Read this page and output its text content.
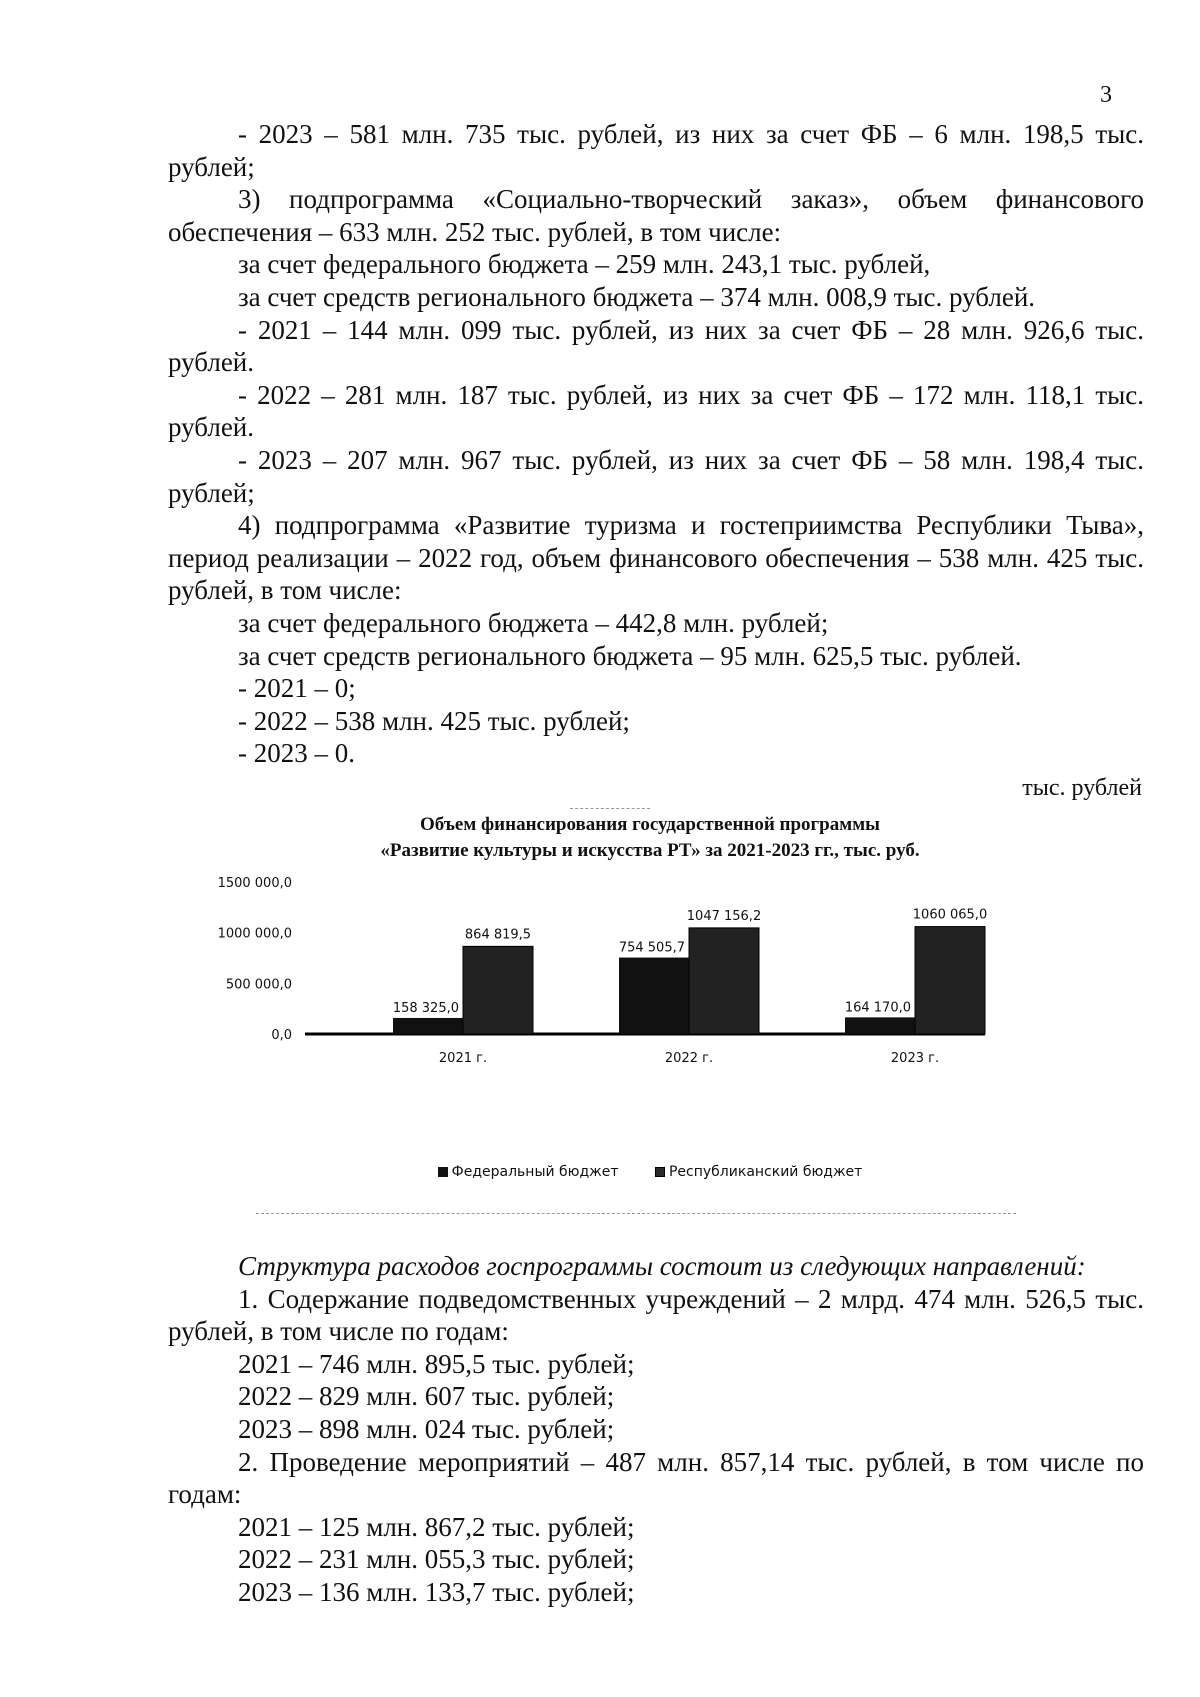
3
- 2023 – 581 млн. 735 тыс. рублей, из них за счет ФБ – 6 млн. 198,5 тыс. рублей;
3) подпрограмма «Социально-творческий заказ», объем финансового обеспечения – 633 млн. 252 тыс. рублей, в том числе:
за счет федерального бюджета – 259 млн. 243,1 тыс. рублей,
за счет средств регионального бюджета – 374 млн. 008,9 тыс. рублей.
- 2021 – 144 млн. 099 тыс. рублей, из них за счет ФБ – 28 млн. 926,6 тыс. рублей.
- 2022 – 281 млн. 187 тыс. рублей, из них за счет ФБ – 172 млн. 118,1 тыс. рублей.
- 2023 – 207 млн. 967 тыс. рублей, из них за счет ФБ – 58 млн. 198,4 тыс. рублей;
4) подпрограмма «Развитие туризма и гостеприимства Республики Тыва», период реализации – 2022 год, объем финансового обеспечения – 538 млн. 425 тыс. рублей, в том числе:
за счет федерального бюджета – 442,8 млн. рублей;
за счет средств регионального бюджета – 95 млн. 625,5 тыс. рублей.
- 2021 – 0;
- 2022 – 538 млн. 425 тыс. рублей;
- 2023 – 0.
тыс. рублей
Объем финансирования государственной программы
«Развитие культуры и искусства РТ» за 2021-2023 гг., тыс. руб.
0,0
500 000,0
1000 000,0
1500 000,0
158 325,0
864 819,5
2021 г.
754 505,7
1047 156,2
2022 г.
164 170,0
1060 065,0
2023 г.
Федеральный бюджет	Республиканский бюджет
Структура расходов госпрограммы состоит из следующих направлений:
1. Содержание подведомственных учреждений – 2 млрд. 474 млн. 526,5 тыс. рублей, в том числе по годам:
2021 – 746 млн. 895,5 тыс. рублей;
2022 – 829 млн. 607 тыс. рублей;
2023 – 898 млн. 024 тыс. рублей;
2. Проведение мероприятий – 487 млн. 857,14 тыс. рублей, в том числе по годам:
2021 – 125 млн. 867,2 тыс. рублей;
2022 – 231 млн. 055,3 тыс. рублей;
2023 – 136 млн. 133,7 тыс. рублей;
